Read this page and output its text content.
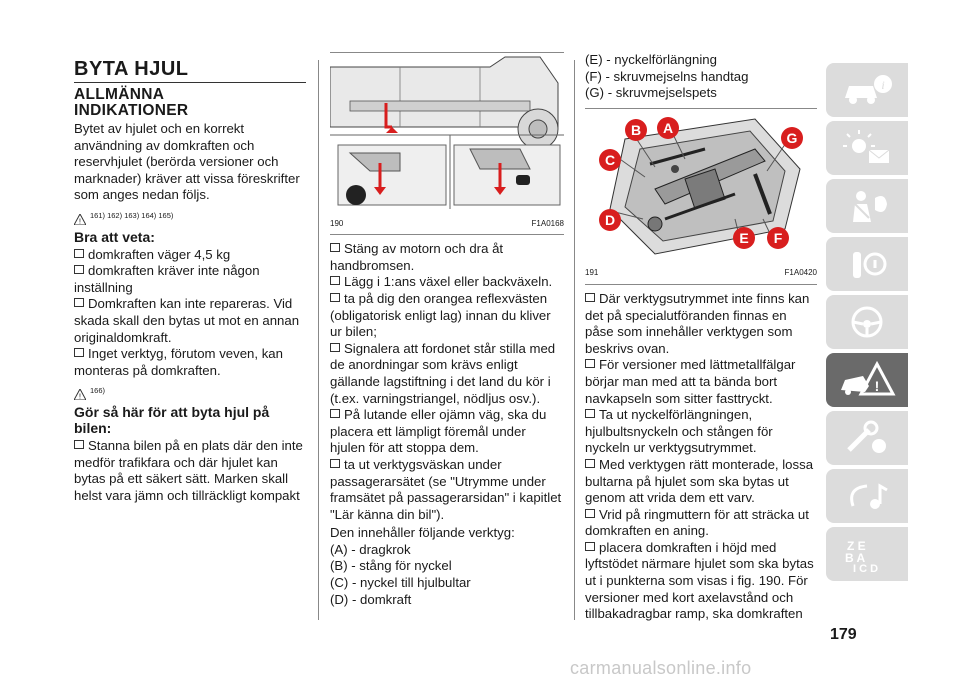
BYTA HJUL
ALLMÄNNA INDIKATIONER

Bytet av hjulet och en korrekt användning av domkraften och reservhjulet (berörda versioner och marknader) kräver att vissa föreskrifter som anges nedan följs.

!
161) 162) 163) 164) 165)
Bra att veta:

domkraften väger 4,5 kg

domkraften kräver inte någon inställning

Domkraften kan inte repareras. Vid skada skall den bytas ut mot en annan originaldomkraft.

Inget verktyg, förutom veven, kan monteras på domkraften.

!
166)
Gör så här för att byta hjul på bilen:

Stanna bilen på en plats där den inte medför trafikfara och där hjulet kan bytas på ett säkert sätt. Marken skall helst vara jämn och tillräckligt kompakt

190	F1A0168

Stäng av motorn och dra åt handbromsen.

Lägg i 1:ans växel eller backväxeln.

ta på dig den orangea reflexvästen (obligatorisk enligt lag) innan du kliver ur bilen;

Signalera att fordonet står stilla med de anordningar som krävs enligt gällande lagstiftning i det land du kör i (t.ex. varningstriangel, nödljus osv.).

På lutande eller ojämn väg, ska du placera ett lämpligt föremål under hjulen för att stoppa dem.

ta ut verktygsväskan under passagerarsätet (se "Utrymme under framsätet på passagerarsidan" i kapitlet "Lär känna din bil").

Den innehåller följande verktyg:

(A) - dragkrok

(B) - stång för nyckel

(C) - nyckel till hjulbultar

(D) - domkraft

(E) - nyckelförlängning

(F) - skruvmejselns handtag

(G) - skruvmejselspets

B	A
G
C
D
E	F
191	F1A0420

Där verktygsutrymmet inte finns kan det på specialutföranden finnas en påse som innehåller verktygen som beskrivs ovan.

För versioner med lättmetallfälgar börjar man med att ta bända bort navkapseln som sitter fasttryckt.

Ta ut nyckelförlängningen, hjulbultsnyckeln och stången för nyckeln ur verktygsutrymmet.

Med verktygen rätt monterade, lossa bultarna på hjulet som ska bytas ut genom att vrida dem ett varv.

Vrid på ringmuttern för att sträcka ut domkraften en aning.

placera domkraften i höjd med lyftstödet närmare hjulet som ska bytas ut i punkterna som visas i fig. 190. För versioner med kort axelavstånd och tillbakadragbar ramp, ska domkraften

i
!
Z E
B A
I C D
179
carmanualsonline.info
